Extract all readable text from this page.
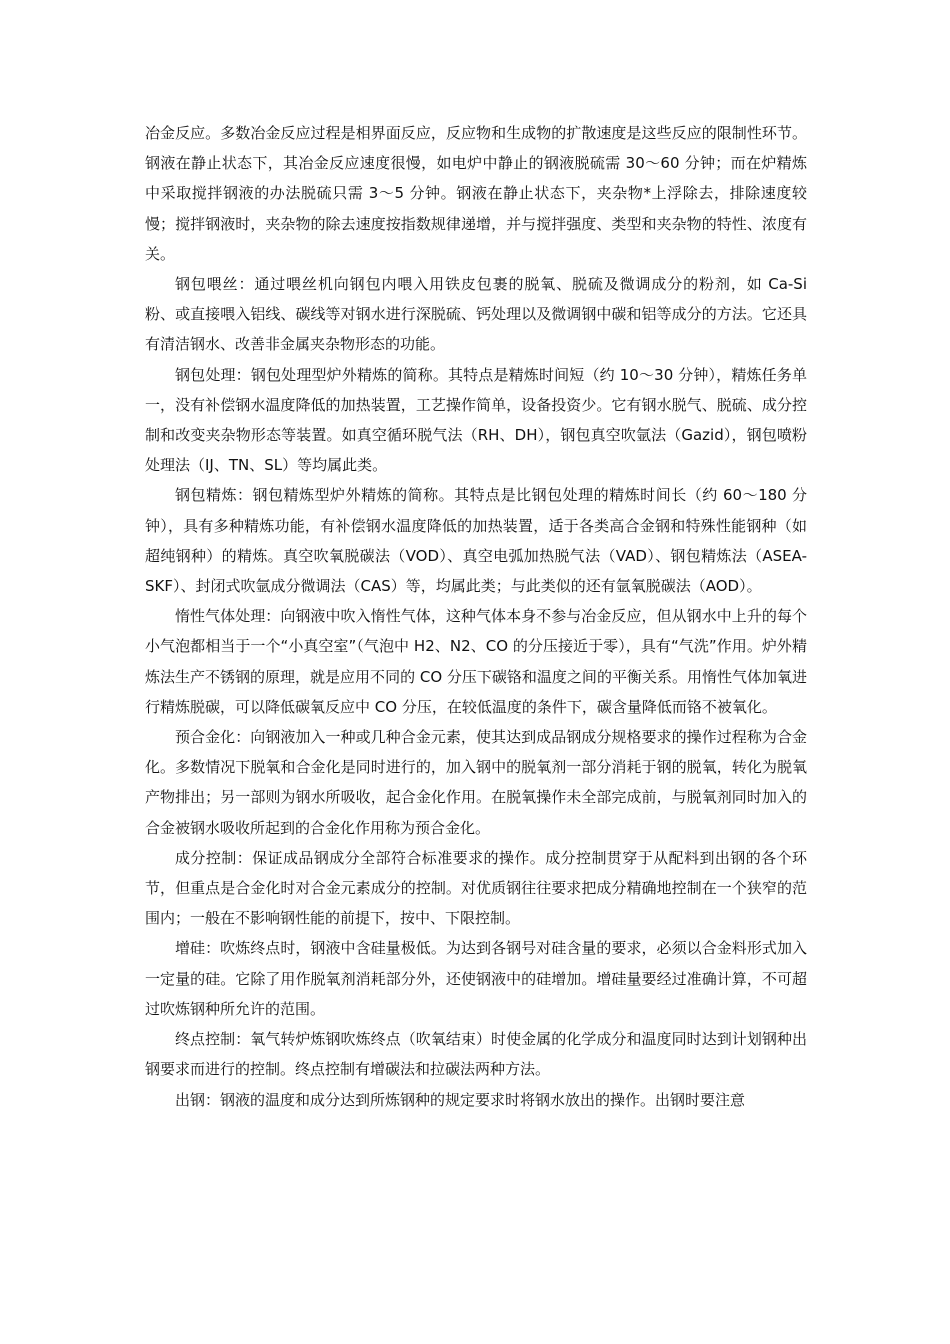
冶金反应。多数冶金反应过程是相界面反应，反应物和生成物的扩散速度是这些反应的限制性环节。钢液在静止状态下，其冶金反应速度很慢，如电炉中静止的钢液脱硫需 30～60 分钟；而在炉精炼中采取搅拌钢液的办法脱硫只需 3～5 分钟。钢液在静止状态下，夹杂物*上浮除去，排除速度较慢；搅拌钢液时，夹杂物的除去速度按指数规律递增，并与搅拌强度、类型和夹杂物的特性、浓度有关。

钢包喂丝：通过喂丝机向钢包内喂入用铁皮包裹的脱氧、脱硫及微调成分的粉剂，如 Ca-Si 粉、或直接喂入铝线、碳线等对钢水进行深脱硫、钙处理以及微调钢中碳和铝等成分的方法。它还具有清洁钢水、改善非金属夹杂物形态的功能。

钢包处理：钢包处理型炉外精炼的简称。其特点是精炼时间短（约 10～30 分钟），精炼任务单一，没有补偿钢水温度降低的加热装置，工艺操作简单，设备投资少。它有钢水脱气、脱硫、成分控制和改变夹杂物形态等装置。如真空循环脱气法（RH、DH），钢包真空吹氩法（Gazid），钢包喷粉处理法（IJ、TN、SL）等均属此类。

钢包精炼：钢包精炼型炉外精炼的简称。其特点是比钢包处理的精炼时间长（约 60～180 分钟），具有多种精炼功能，有补偿钢水温度降低的加热装置，适于各类高合金钢和特殊性能钢种（如超纯钢种）的精炼。真空吹氧脱碳法（VOD）、真空电弧加热脱气法（VAD）、钢包精炼法（ASEA-SKF）、封闭式吹氩成分微调法（CAS）等，均属此类；与此类似的还有氩氧脱碳法（AOD）。

惰性气体处理：向钢液中吹入惰性气体，这种气体本身不参与冶金反应，但从钢水中上升的每个小气泡都相当于一个“小真空室”（气泡中 H2、N2、CO 的分压接近于零），具有“气洗”作用。炉外精炼法生产不锈钢的原理，就是应用不同的 CO 分压下碳铬和温度之间的平衡关系。用惰性气体加氧进行精炼脱碳，可以降低碳氧反应中 CO 分压，在较低温度的条件下，碳含量降低而铬不被氧化。

预合金化：向钢液加入一种或几种合金元素，使其达到成品钢成分规格要求的操作过程称为合金化。多数情况下脱氧和合金化是同时进行的，加入钢中的脱氧剂一部分消耗于钢的脱氧，转化为脱氧产物排出；另一部则为钢水所吸收，起合金化作用。在脱氧操作未全部完成前，与脱氧剂同时加入的合金被钢水吸收所起到的合金化作用称为预合金化。

成分控制：保证成品钢成分全部符合标准要求的操作。成分控制贯穿于从配料到出钢的各个环节，但重点是合金化时对合金元素成分的控制。对优质钢往往要求把成分精确地控制在一个狭窄的范围内；一般在不影响钢性能的前提下，按中、下限控制。

增硅：吹炼终点时，钢液中含硅量极低。为达到各钢号对硅含量的要求，必须以合金料形式加入一定量的硅。它除了用作脱氧剂消耗部分外，还使钢液中的硅增加。增硅量要经过准确计算，不可超过吹炼钢种所允许的范围。

终点控制：氧气转炉炼钢吹炼终点（吹氧结束）时使金属的化学成分和温度同时达到计划钢种出钢要求而进行的控制。终点控制有增碳法和拉碳法两种方法。

出钢：钢液的温度和成分达到所炼钢种的规定要求时将钢水放出的操作。出钢时要注意
